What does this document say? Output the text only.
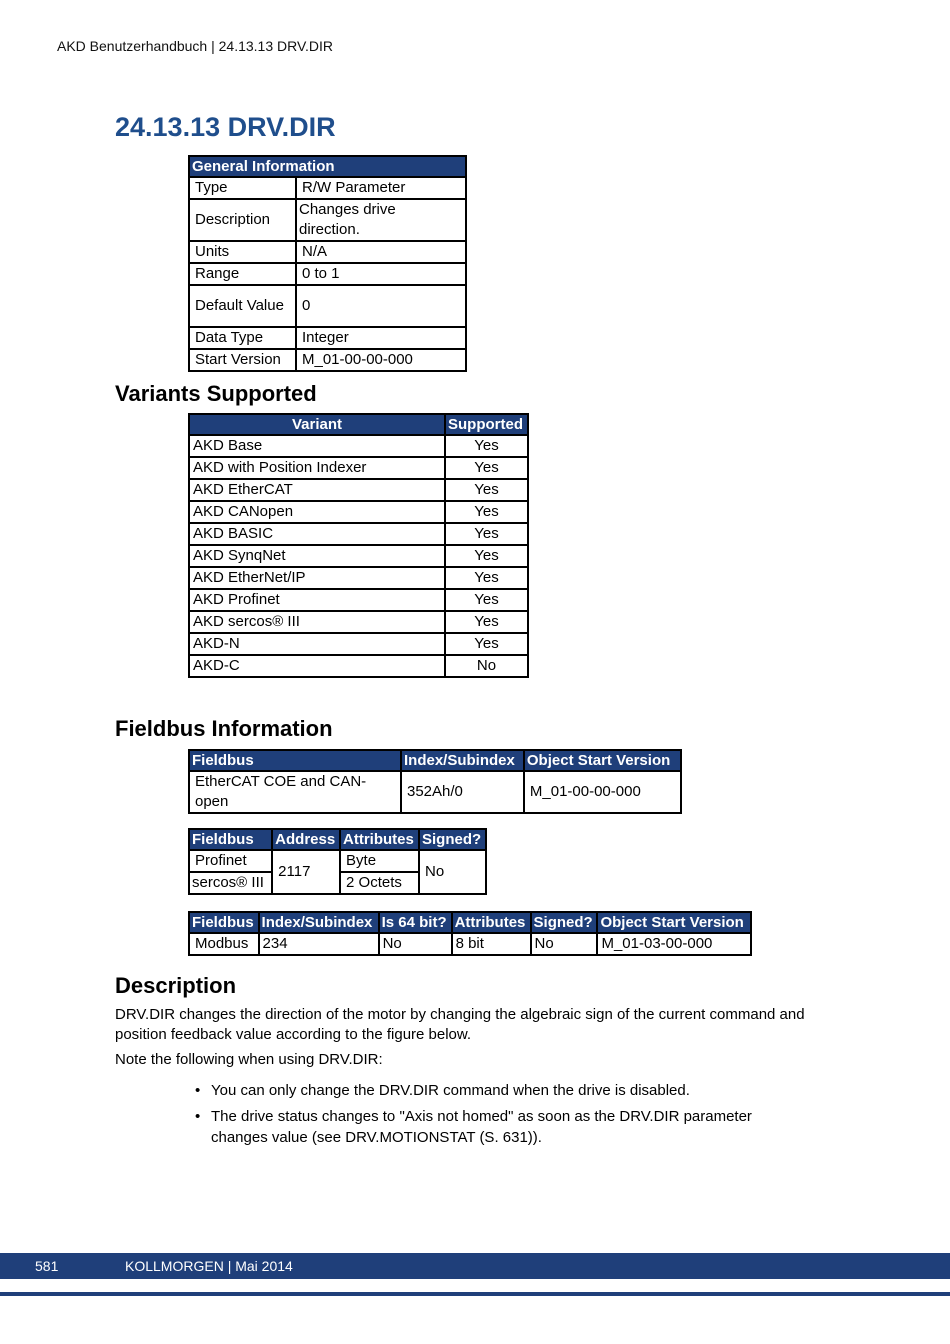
AKD Benutzerhandbuch | 24.13.13 DRV.DIR
24.13.13 DRV.DIR
General Information	
Type	R/W Parameter
Description	Changes drive direction.
Units	N/A
Range	0 to 1
Default Value	0
Data Type	Integer
Start Version	M_01-00-00-000
Variants Supported
Variant	Supported
AKD Base	Yes
AKD with Position Indexer	Yes
AKD EtherCAT	Yes
AKD CANopen	Yes
AKD BASIC	Yes
AKD SynqNet	Yes
AKD EtherNet/IP	Yes
AKD Profinet	Yes
AKD sercos® III	Yes
AKD-N	Yes
AKD-C	No
Fieldbus Information
Fieldbus	Index/Subindex	Object Start Version
EtherCAT COE and CAN-open	352Ah/0	M_01-00-00-000
Fieldbus	Address	Attributes	Signed?
Profinet	2117	Byte	No
sercos® III		2 Octets	
Fieldbus	Index/Subindex	Is 64 bit?	Attributes	Signed?	Object Start Version
Modbus	234	No	8 bit	No	M_01-03-00-000
Description

DRV.DIR changes the direction of the motor by changing the algebraic sign of the current command and position feedback value according to the figure below.

Note the following when using DRV.DIR:

• You can only change the DRV.DIR command when the drive is disabled.
• The drive status changes to "Axis not homed" as soon as the DRV.DIR parameter changes value (see DRV.MOTIONSTAT (S. 631)).
581	KOLLMORGEN | Mai 2014
